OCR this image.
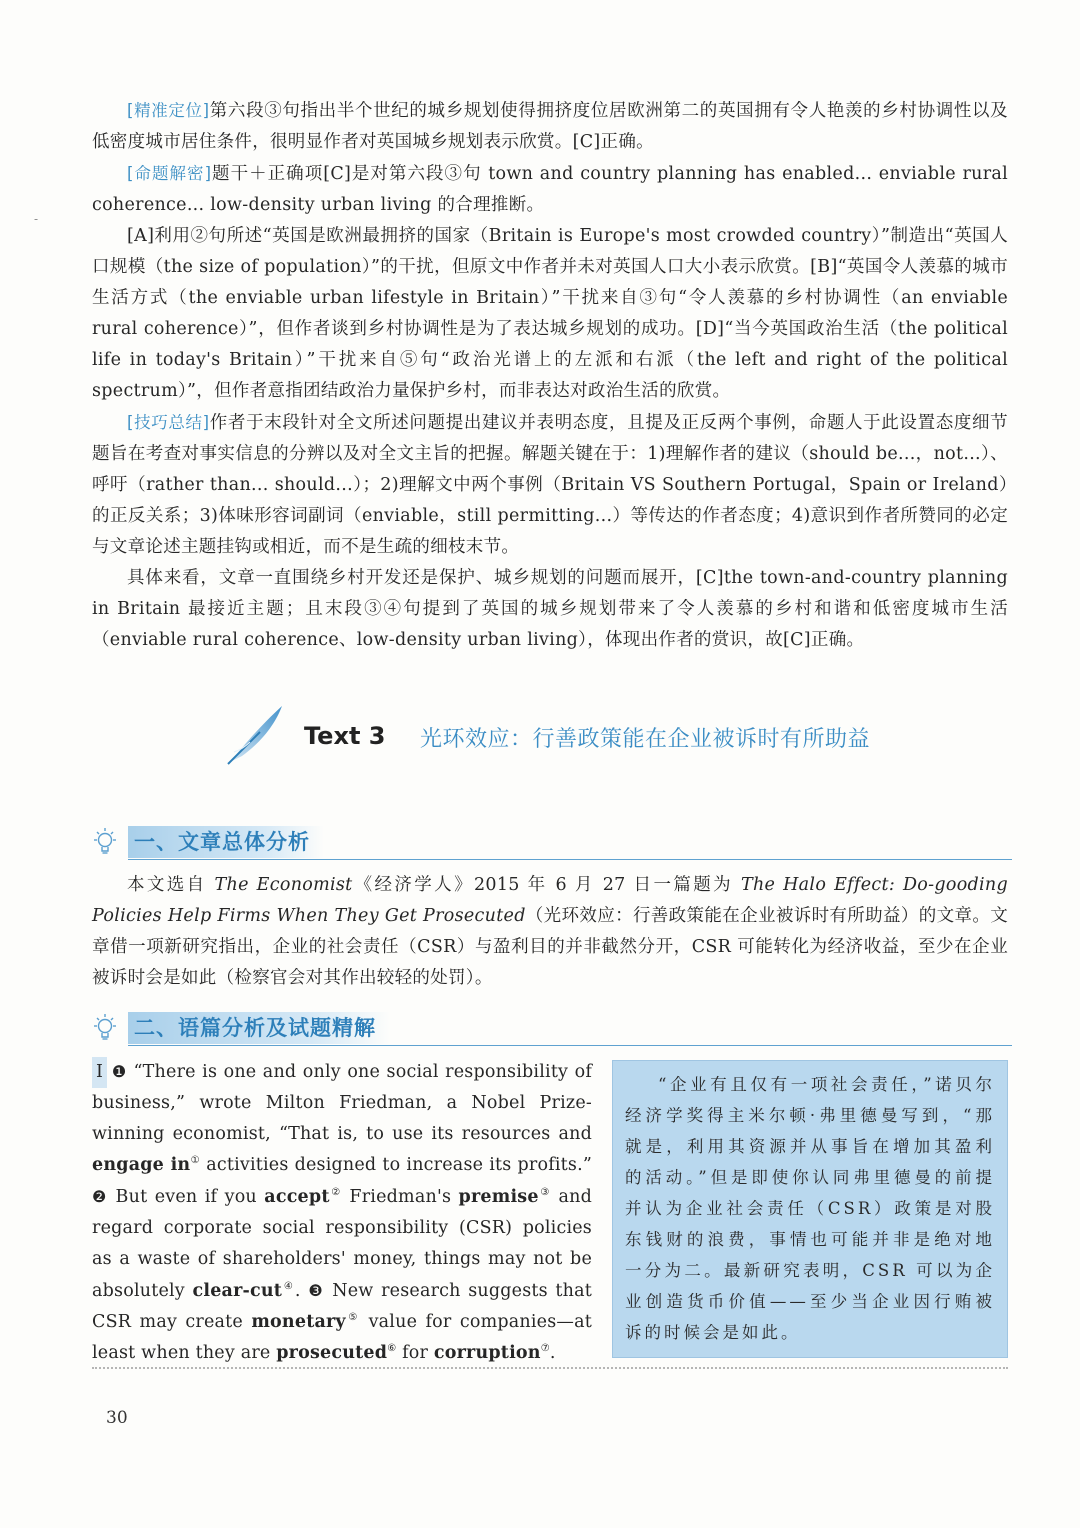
-

[精准定位]第六段③句指出半个世纪的城乡规划使得拥挤度位居欧洲第二的英国拥有令人艳羡的乡村协调性以及低密度城市居住条件，很明显作者对英国城乡规划表示欣赏。[C]正确。

[命题解密]题干＋正确项[C]是对第六段③句 town and country planning has enabled... enviable rural coherence... low-density urban living 的合理推断。

[A]利用②句所述“英国是欧洲最拥挤的国家（Britain is Europe's most crowded country）”制造出“英国人口规模（the size of population）”的干扰，但原文中作者并未对英国人口大小表示欣赏。[B]“英国令人羡慕的城市生活方式（the enviable urban lifestyle in Britain）”干扰来自③句“令人羡慕的乡村协调性（an enviable rural coherence）”，但作者谈到乡村协调性是为了表达城乡规划的成功。[D]“当今英国政治生活（the political life in today's Britain）”干扰来自⑤句“政治光谱上的左派和右派（the left and right of the political spectrum）”，但作者意指团结政治力量保护乡村，而非表达对政治生活的欣赏。

[技巧总结]作者于末段针对全文所述问题提出建议并表明态度，且提及正反两个事例，命题人于此设置态度细节题旨在考查对事实信息的分辨以及对全文主旨的把握。解题关键在于：1)理解作者的建议（should be...，not...）、呼吁（rather than... should...）；2)理解文中两个事例（Britain VS Southern Portugal，Spain or Ireland）的正反关系；3)体味形容词副词（enviable，still permitting...）等传达的作者态度；4)意识到作者所赞同的必定与文章论述主题挂钩或相近，而不是生疏的细枝末节。

具体来看，文章一直围绕乡村开发还是保护、城乡规划的问题而展开，[C]the town-and-country planning in Britain 最接近主题；且末段③④句提到了英国的城乡规划带来了令人羡慕的乡村和谐和低密度城市生活（enviable rural coherence、low-density urban living），体现出作者的赏识，故[C]正确。

Text 3 光环效应：行善政策能在企业被诉时有所助益
一、文章总体分析

本文选自 The Economist《经济学人》2015 年 6 月 27 日一篇题为 The Halo Effect: Do-gooding Policies Help Firms When They Get Prosecuted（光环效应：行善政策能在企业被诉时有所助益）的文章。文章借一项新研究指出，企业的社会责任（CSR）与盈利目的并非截然分开，CSR 可能转化为经济收益，至少在企业被诉时会是如此（检察官会对其作出较轻的处罚）。

二、语篇分析及试题精解

I ❶ “There is one and only one social responsibility of business,” wrote Milton Friedman, a Nobel Prize-winning economist, “That is, to use its resources and engage in① activities designed to increase its profits.” ❷ But even if you accept② Friedman's premise③ and regard corporate social responsibility (CSR) policies as a waste of shareholders' money, things may not be absolutely clear-cut④. ❸ New research suggests that CSR may create monetary⑤ value for companies—at least when they are prosecuted⑥ for corruption⑦.

“企业有且仅有一项社会责任，”诺贝尔经济学奖得主米尔顿·弗里德曼写到，“那就是，利用其资源并从事旨在增加其盈利的活动。”但是即使你认同弗里德曼的前提并认为企业社会责任（CSR）政策是对股东钱财的浪费，事情也可能并非是绝对地一分为二。最新研究表明，CSR 可以为企业创造货币价值——至少当企业因行贿被诉的时候会是如此。

30
